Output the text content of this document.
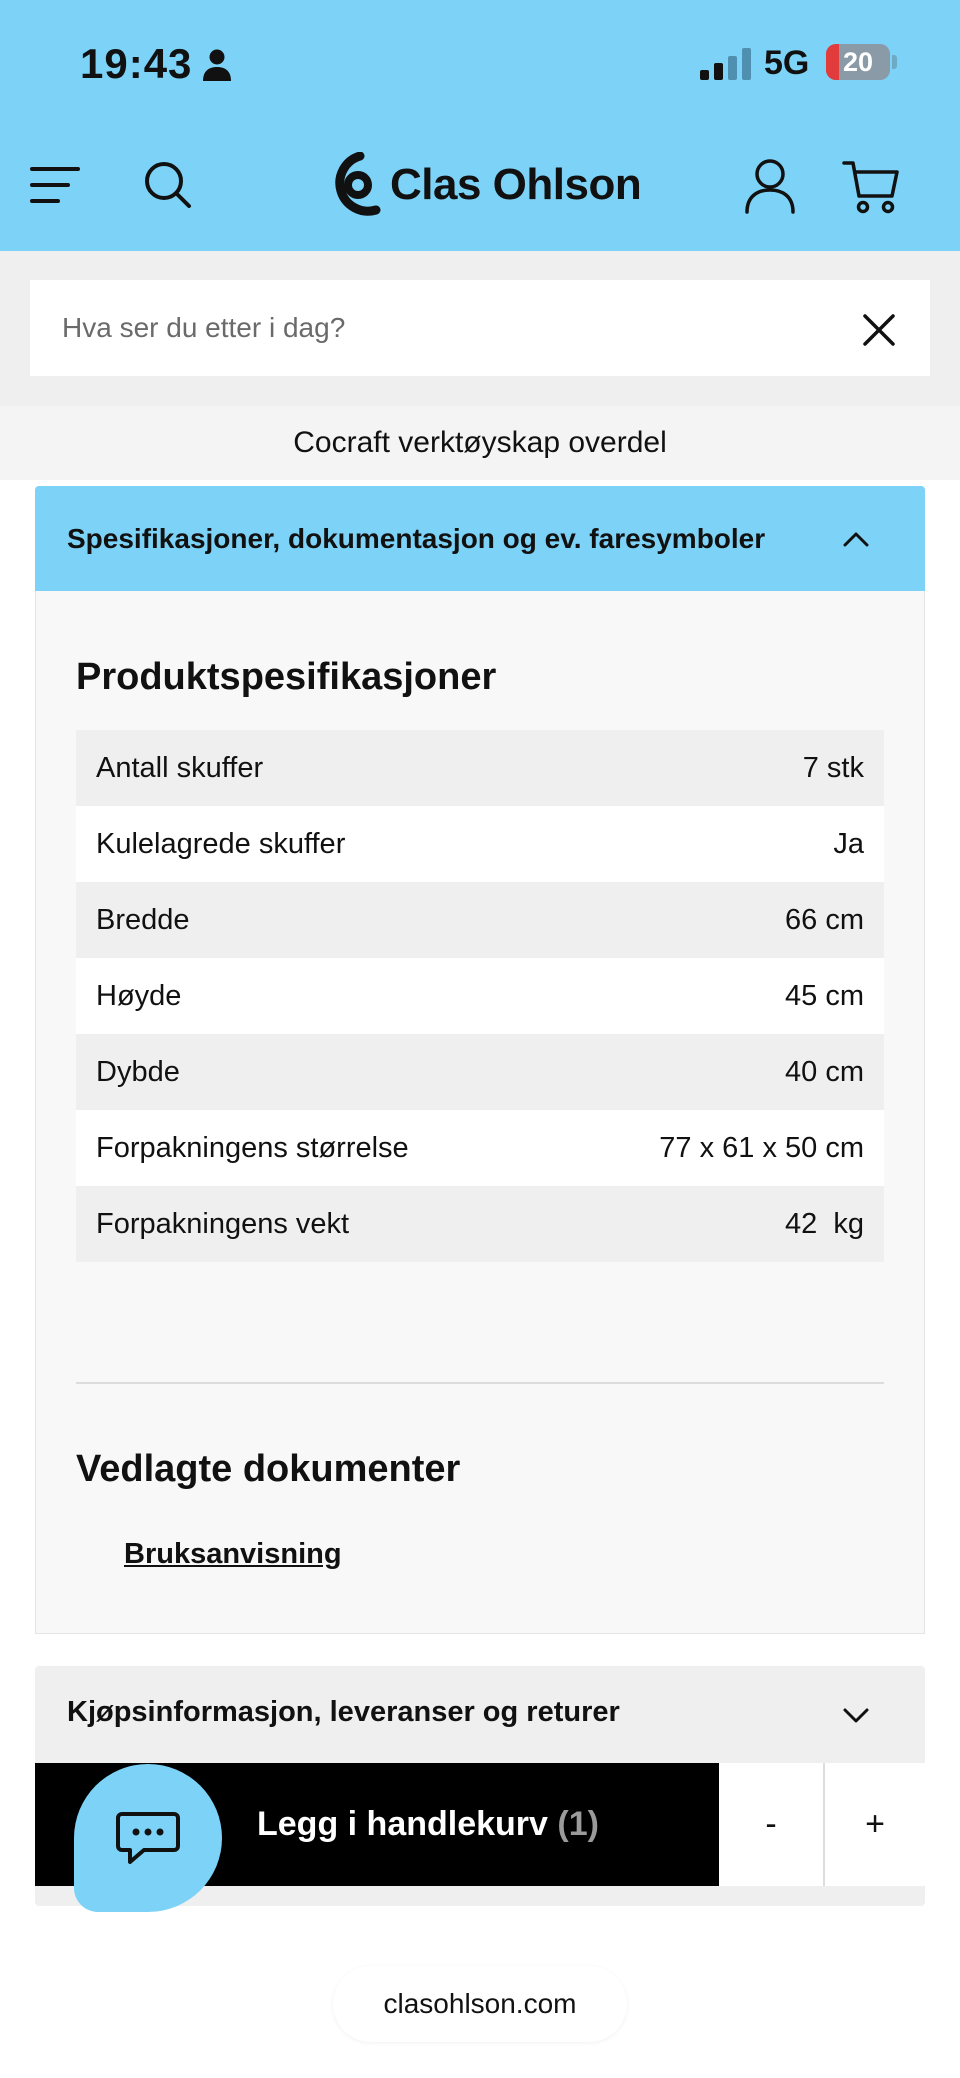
19:43	5G	20
Clas Ohlson
Hva ser du etter i dag?
Cocraft verktøyskap overdel
Spesifikasjoner, dokumentasjon og ev. faresymboler
Produktspesifikasjoner
Antall skuffer	7 stk
Kulelagrede skuffer	Ja
Bredde	66 cm
Høyde	45 cm
Dybde	40 cm
Forpakningens størrelse	77 x 61 x 50 cm
Forpakningens vekt	42  kg
Vedlagte dokumenter
Bruksanvisning
Kjøpsinformasjon, leveranser og returer
Legg i handlekurv (1)	-	+
clasohlson.com
